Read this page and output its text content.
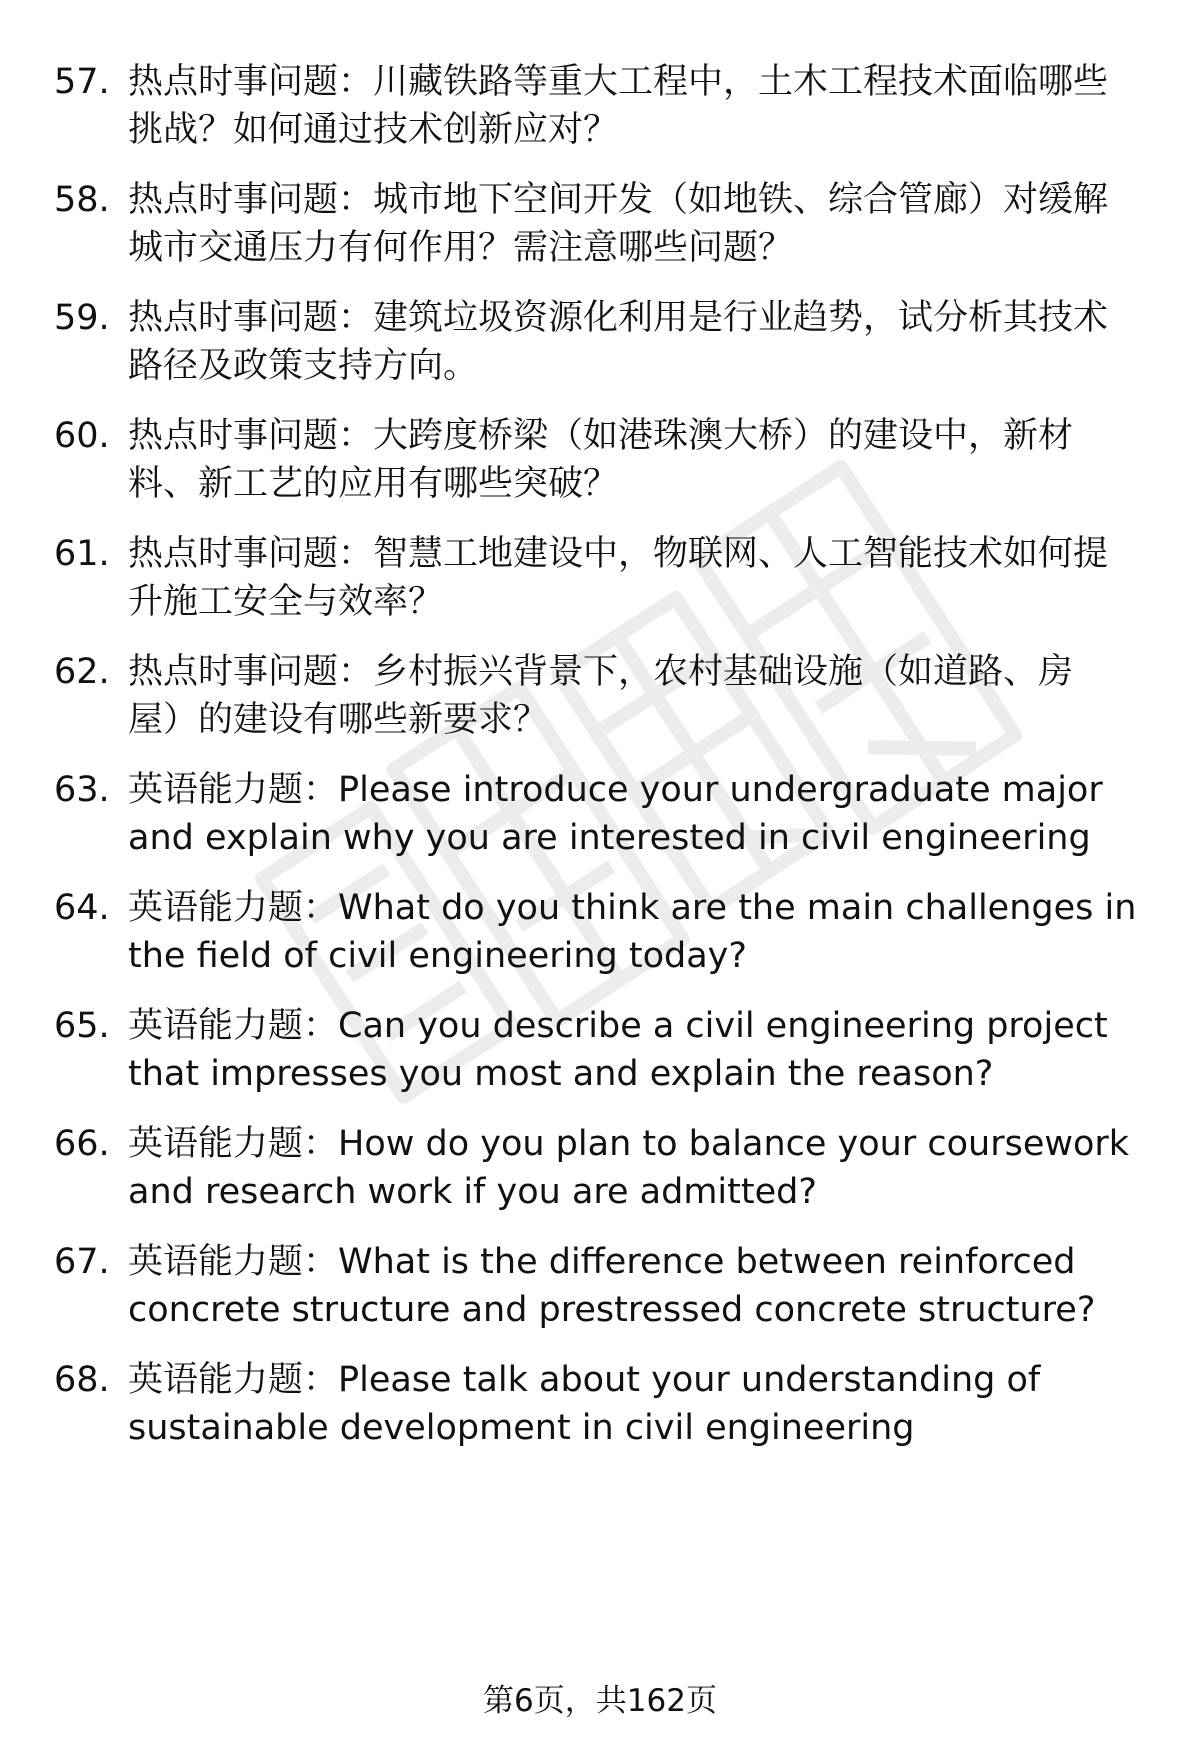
57. 热点时事问题：川藏铁路等重大工程中，土木工程技术面临哪些
挑战？如何通过技术创新应对？
58. 热点时事问题：城市地下空间开发（如地铁、综合管廊）对缓解
城市交通压力有何作用？需注意哪些问题？
59. 热点时事问题：建筑垃圾资源化利用是行业趋势，试分析其技术
路径及政策支持方向。
60. 热点时事问题：大跨度桥梁（如港珠澳大桥）的建设中，新材
料、新工艺的应用有哪些突破？
61. 热点时事问题：智慧工地建设中，物联网、人工智能技术如何提
升施工安全与效率？
62. 热点时事问题：乡村振兴背景下，农村基础设施（如道路、房
屋）的建设有哪些新要求？
63. 英语能力题：Please introduce your undergraduate major
and explain why you are interested in civil engineering
64. 英语能力题：What do you think are the main challenges in
the field of civil engineering today?
65. 英语能力题：Can you describe a civil engineering project
that impresses you most and explain the reason?
66. 英语能力题：How do you plan to balance your coursework
and research work if you are admitted?
67. 英语能力题：What is the difference between reinforced
concrete structure and prestressed concrete structure?
68. 英语能力题：Please talk about your understanding of
sustainable development in civil engineering
第6页，共162页
